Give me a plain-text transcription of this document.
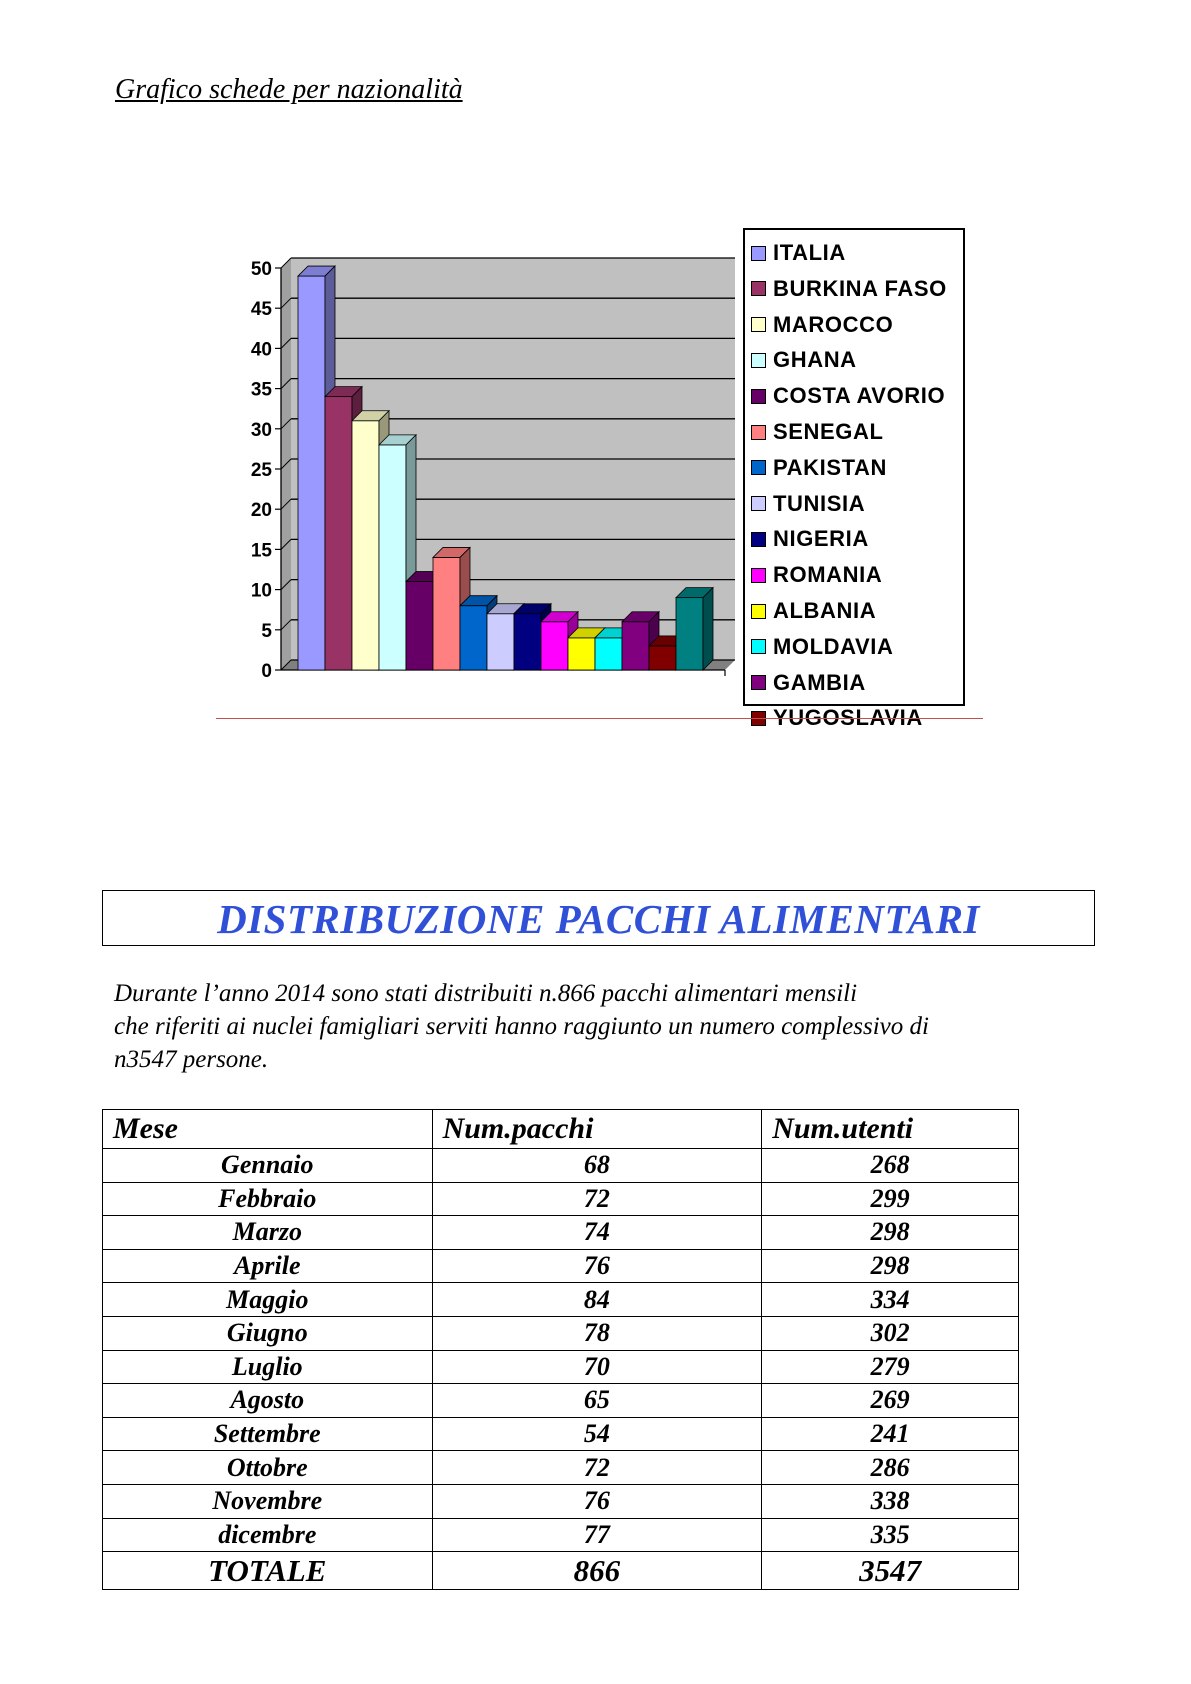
Grafico schede per nazionalità
0
5
10
15
20
25
30
35
40
45
50
ITALIA
BURKINA FASO
MAROCCO
GHANA
COSTA AVORIO
SENEGAL
PAKISTAN
TUNISIA
NIGERIA
ROMANIA
ALBANIA
MOLDAVIA
GAMBIA
YUGOSLAVIA
DISTRIBUZIONE PACCHI ALIMENTARI
Durante l’anno 2014 sono stati distribuiti n.866 pacchi alimentari mensili
che riferiti ai nuclei famigliari serviti hanno raggiunto un numero complessivo di
n3547 persone.
Mese	Num.pacchi	Num.utenti
Gennaio	68	268
Febbraio	72	299
Marzo	74	298
Aprile	76	298
Maggio	84	334
Giugno	78	302
Luglio	70	279
Agosto	65	269
Settembre	54	241
Ottobre	72	286
Novembre	76	338
dicembre	77	335
TOTALE	866	3547
